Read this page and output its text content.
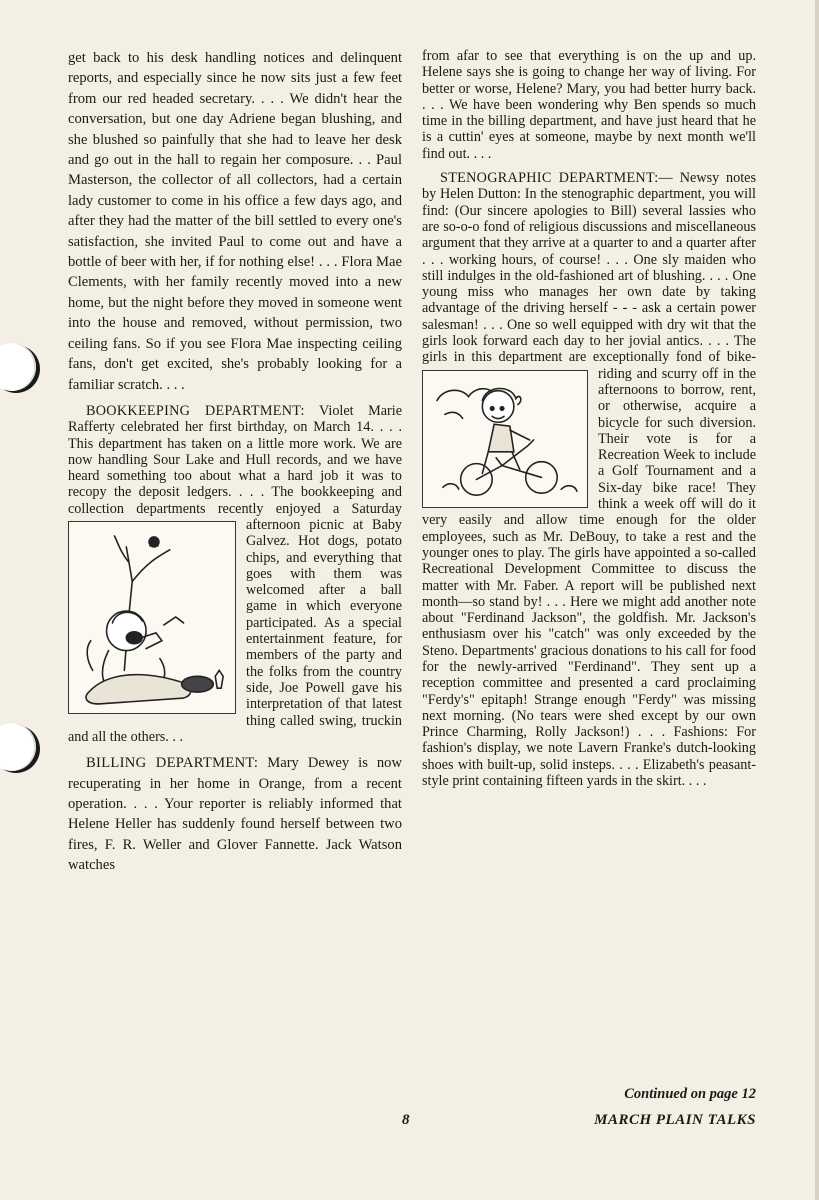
get back to his desk handling notices and delinquent reports, and especially since he now sits just a few feet from our red headed secretary. . . . We didn't hear the conversation, but one day Adriene began blushing, and she blushed so painfully that she had to leave her desk and go out in the hall to regain her composure. . . Paul Masterson, the collector of all collectors, had a certain lady customer to come in his office a few days ago, and after they had the matter of the bill settled to every one's satisfaction, she invited Paul to come out and have a bottle of beer with her, if for nothing else! . . . Flora Mae Clements, with her family recently moved into a new home, but the night before they moved in someone went into the house and removed, without permission, two ceiling fans. So if you see Flora Mae inspecting ceiling fans, don't get excited, she's probably looking for a familiar scratch. . . .

BOOKKEEPING DEPARTMENT: Violet Marie Rafferty celebrated her first birthday, on March 14. . . . This department has taken on a little more work. We are now handling Sour Lake and Hull records, and we have heard something too about what a hard job it was to recopy the deposit ledgers. . . . The bookkeeping and collection departments recently enjoyed a Saturday afternoon picnic
at Baby Galvez. Hot dogs, potato chips, and everything that goes with them was welcomed after a ball game in which everyone participated. As a special entertainment feature, for members of the party and the folks from the country side, Joe Powell gave his interpretation of that latest thing called swing, truckin and all the others. . .

BILLING DEPARTMENT: Mary Dewey is now recuperating in her home in Orange, from a recent operation. . . . Your reporter is reliably informed that Helene Heller has suddenly found herself between two fires, F. R. Weller and Glover Fannette. Jack Watson watches

from afar to see that everything is on the up and up. Helene says she is going to change her way of living. For better or worse, Helene? Mary, you had better hurry back. . . . We have been wondering why Ben spends so much time in the billing department, and have just heard that he is a cuttin' eyes at someone, maybe by next month we'll find out. . . .

STENOGRAPHIC DEPARTMENT:— Newsy notes by Helen Dutton: In the stenographic department, you will find: (Our sincere apologies to Bill) several lassies who are so-o-o fond of religious discussions and miscellaneous argument that they arrive at a quarter to and a quarter after . . . working hours, of course! . . . One sly maiden who still indulges in the old-fashioned art of blushing. . . . One young miss who manages her own date by taking advantage of the driving herself - - - ask a certain power salesman! . . . One so well equipped with dry wit that the girls look forward each day to her jovial antics. . . . The girls in this department are exceptionally fond
of bike-riding and scurry off in the afternoons to borrow, rent, or otherwise, acquire a bicycle for such diversion. Their vote is for a Recreation Week to include a Golf Tournament and a Six-day bike race! They think a week off will do it very easily and allow time enough for the older employees, such as Mr. DeBouy, to take a rest and the younger ones to play. The girls have appointed a so-called Recreational Development Committee to discuss the matter with Mr. Faber. A report will be published next month—so stand by! . . . Here we might add another note about "Ferdinand Jackson", the goldfish. Mr. Jackson's enthusiasm over his "catch" was only exceeded by the Steno. Departments' gracious donations to his call for food for the newly-arrived "Ferdinand". They sent up a reception committee and presented a card proclaiming "Ferdy's" epitaph! Strange enough "Ferdy" was missing next morning. (No tears were shed except by our own Prince Charming, Rolly Jackson!) . . . Fashions: For fashion's display, we note Lavern Franke's dutch-looking shoes with built-up, solid insteps. . . . Elizabeth's peasant-style print containing fifteen yards in the skirt. . . .

Continued on page 12
8	MARCH PLAIN TALKS
